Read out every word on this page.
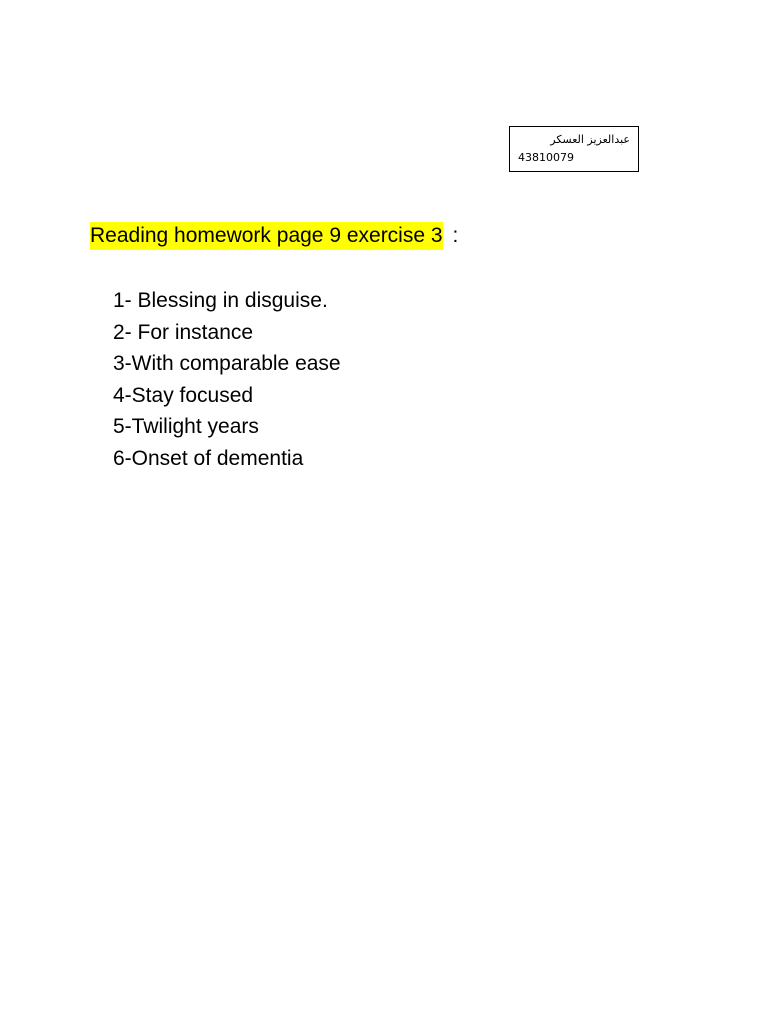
عبدالعزيز العسكر
43810079
Reading homework page 9 exercise 3 :
1- Blessing in disguise.
2- For instance
3-With comparable ease
4-Stay focused
5-Twilight years
6-Onset of dementia
